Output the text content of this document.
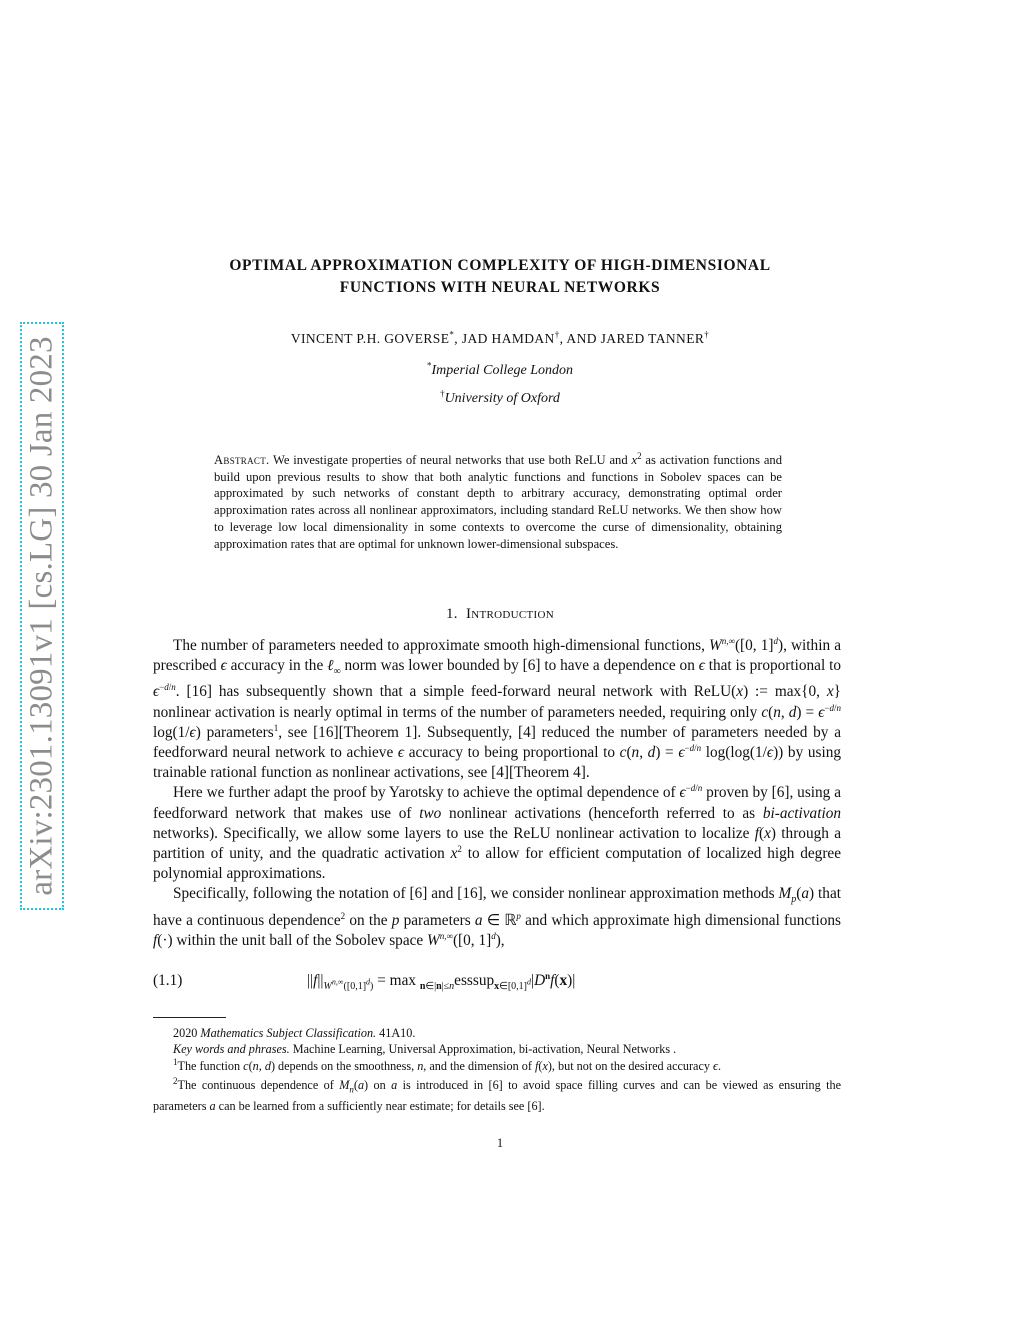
arXiv:2301.13091v1 [cs.LG] 30 Jan 2023
OPTIMAL APPROXIMATION COMPLEXITY OF HIGH-DIMENSIONAL
FUNCTIONS WITH NEURAL NETWORKS
VINCENT P.H. GOVERSE*, JAD HAMDAN†, AND JARED TANNER†
*Imperial College London
†University of Oxford
Abstract. We investigate properties of neural networks that use both ReLU and $x^2$ as activation functions and build upon previous results to show that both analytic functions and functions in Sobolev spaces can be approximated by such networks of constant depth to arbitrary accuracy, demonstrating optimal order approximation rates across all nonlinear approximators, including standard ReLU networks. We then show how to leverage low local dimensionality in some contexts to overcome the curse of dimensionality, obtaining approximation rates that are optimal for unknown lower-dimensional subspaces.
1. Introduction

The number of parameters needed to approximate smooth high-dimensional functions, $W^{n,\infty}([0$, 1]$^d$), within a prescribed ϵ accuracy in the ℓ$_\infty$ norm was lower bounded by [6] to have a dependence on ϵ that is proportional to $\epsilon^{-d/n}$. [16] has subsequently shown that a simple feed-forward neural network with ReLU(x) := max{0, x} nonlinear activation is nearly optimal in terms of the number of parameters needed, requiring only c(n, $d) = \epsilon^{-d/n}$ log(1/ϵ) parameters$^1$, see [16][Theorem 1]. Subsequently, [4] reduced the number of parameters needed by a feedforward neural network to achieve ϵ accuracy to being proportional to c(n, $d) = \epsilon^{-d/n}$ log(log(1/ϵ)) by using trainable rational function as nonlinear activations, see [4][Theorem 4].

Here we further adapt the proof by Yarotsky to achieve the optimal dependence of $\epsilon^{-d/n}$ proven by [6], using a feedforward network that makes use of two nonlinear activations (henceforth referred to as bi-activation networks). Specifically, we allow some layers to use the ReLU nonlinear activation to localize f(x) through a partition of unity, and the quadratic activation $x^2$ to allow for efficient computation of localized high degree polynomial approximations.

Specifically, following the notation of [6] and [16], we consider nonlinear approximation methods $M_p(a)$ that have a continuous dependence$^2$ on the p parameters a ∈ ℝ$^p$ and which approximate high dimensional functions f(·) within the unit ball of the Sobolev space $W^{n,\infty}([0$, 1]$^d$),

(1.1)	$||f||_{W^{n,\infty}([0,1]^d)} = \max$ $_{n\in|n|\le n}esssup_{x\in[0,1]^d}|D^nf(x)|$

2020 Mathematics Subject Classification. 41A10.

Key words and phrases. Machine Learning, Universal Approximation, bi-activation, Neural Networks .

$^1$The function c(n, d) depends on the smoothness, n, and the dimension of f(x), but not on the desired accuracy ϵ.

$^2$The continuous dependence of $M_n(a)$ on a is introduced in [6] to avoid space filling curves and can be viewed as ensuring the parameters a can be learned from a sufficiently near estimate; for details see [6].

1
